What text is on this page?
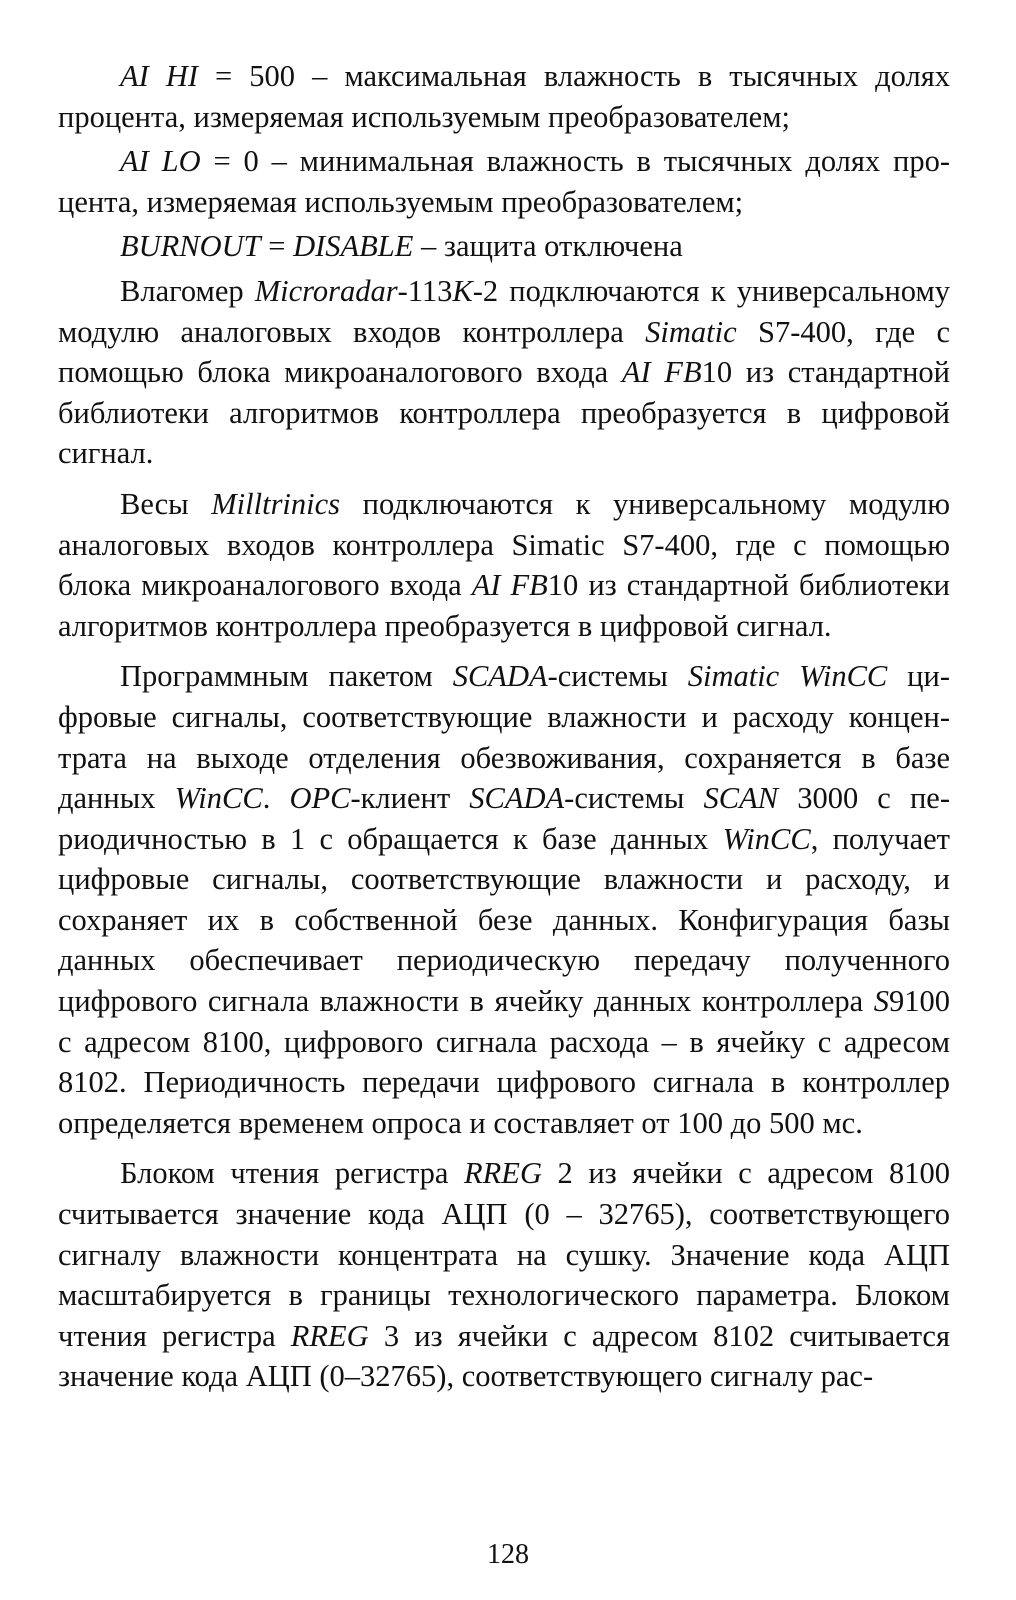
AI HI = 500 – максимальная влажность в тысячных долях процента, измеряемая используемым преобразователем;

AI LO = 0 – минимальная влажность в тысячных долях процента, измеряемая используемым преобразователем;

BURNOUT = DISABLE – защита отключена

Влагомер Microradar-113K-2 подключаются к универсальному модулю аналоговых входов контроллера Simatic S7-400, где с помощью блока микроаналогового входа AI FB10 из стандартной библиотеки алгоритмов контроллера преобразуется в цифровой сигнал.

Весы Milltrinics подключаются к универсальному модулю аналоговых входов контроллера Simatic S7-400, где с помощью блока микроаналогового входа AI FB10 из стандартной библиотеки алгоритмов контроллера преобразуется в цифровой сигнал.

Программным пакетом SCADA-системы Simatic WinCC цифровые сигналы, соответствующие влажности и расходу концентрата на выходе отделения обезвоживания, сохраняется в базе данных WinCC. OPC-клиент SCADA-системы SCAN 3000 с периодичностью в 1 с обращается к базе данных WinCC, получает цифровые сигналы, соответствующие влажности и расходу, и сохраняет их в собственной безе данных. Конфигурация базы данных обеспечивает периодическую передачу полученного цифрового сигнала влажности в ячейку данных контроллера S9100 с адресом 8100, цифрового сигнала расхода – в ячейку с адресом 8102. Периодичность передачи цифрового сигнала в контроллер определяется временем опроса и составляет от 100 до 500 мс.

Блоком чтения регистра RREG 2 из ячейки с адресом 8100 считывается значение кода АЦП (0 – 32765), соответствующего сигналу влажности концентрата на сушку. Значение кода АЦП масштабируется в границы технологического параметра. Блоком чтения регистра RREG 3 из ячейки с адресом 8102 считывается значение кода АЦП (0–32765), соответствующего сигналу рас-

128
